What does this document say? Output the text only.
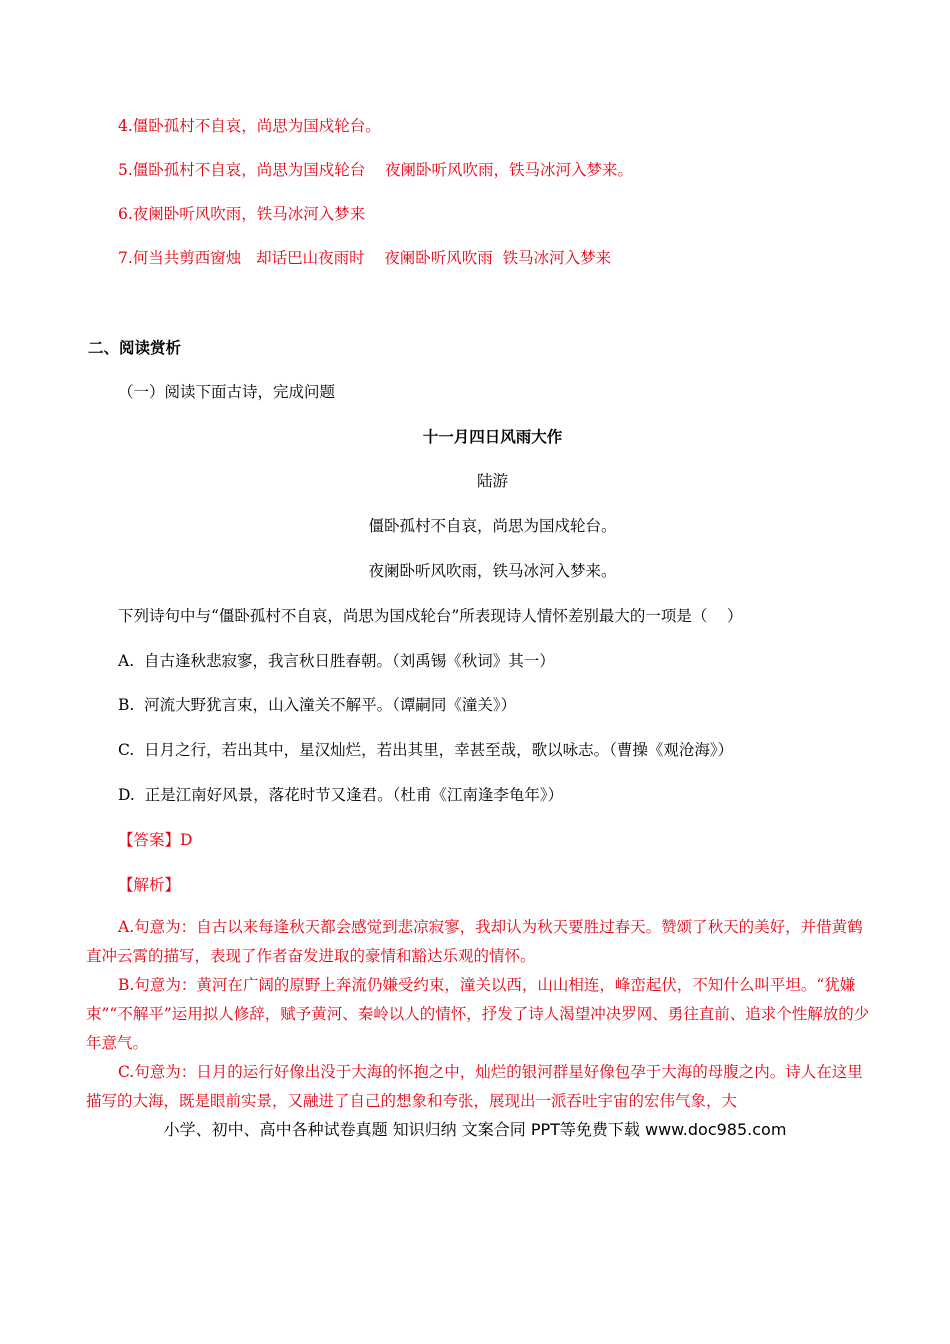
4.僵卧孤村不自哀，尚思为国戍轮台。
5.僵卧孤村不自哀，尚思为国戍轮台    夜阑卧听风吹雨，铁马冰河入梦来。
6.夜阑卧听风吹雨，铁马冰河入梦来
7.何当共剪西窗烛   却话巴山夜雨时    夜阑卧听风吹雨  铁马冰河入梦来
二、阅读赏析
（一）阅读下面古诗，完成问题
十一月四日风雨大作
陆游
僵卧孤村不自哀，尚思为国戍轮台。
夜阑卧听风吹雨，铁马冰河入梦来。
下列诗句中与“僵卧孤村不自哀，尚思为国戍轮台”所表现诗人情怀差别最大的一项是（    ）
A.  自古逢秋悲寂寥，我言秋日胜春朝。（刘禹锡《秋词》其一）
B.  河流大野犹言束，山入潼关不解平。（谭嗣同《潼关》）
C.  日月之行，若出其中，星汉灿烂，若出其里，幸甚至哉，歌以咏志。（曹操《观沧海》）
D.  正是江南好风景，落花时节又逢君。（杜甫《江南逢李龟年》）
【答案】D
【解析】
A.句意为：自古以来每逢秋天都会感觉到悲凉寂寥，我却认为秋天要胜过春天。赞颂了秋天的美好，并借黄鹤直冲云霄的描写，表现了作者奋发进取的豪情和豁达乐观的情怀。
B.句意为：黄河在广阔的原野上奔流仍嫌受约束，潼关以西，山山相连，峰峦起伏，不知什么叫平坦。“犹嫌束”“不解平”运用拟人修辞，赋予黄河、秦岭以人的情怀，抒发了诗人渴望冲决罗网、勇往直前、追求个性解放的少年意气。
C.句意为：日月的运行好像出没于大海的怀抱之中，灿烂的银河群星好像包孕于大海的母腹之内。诗人在这里描写的大海，既是眼前实景，又融进了自己的想象和夸张，展现出一派吞吐宇宙的宏伟气象，大
小学、初中、高中各种试卷真题 知识归纳 文案合同 PPT等免费下载 www.doc985.com
